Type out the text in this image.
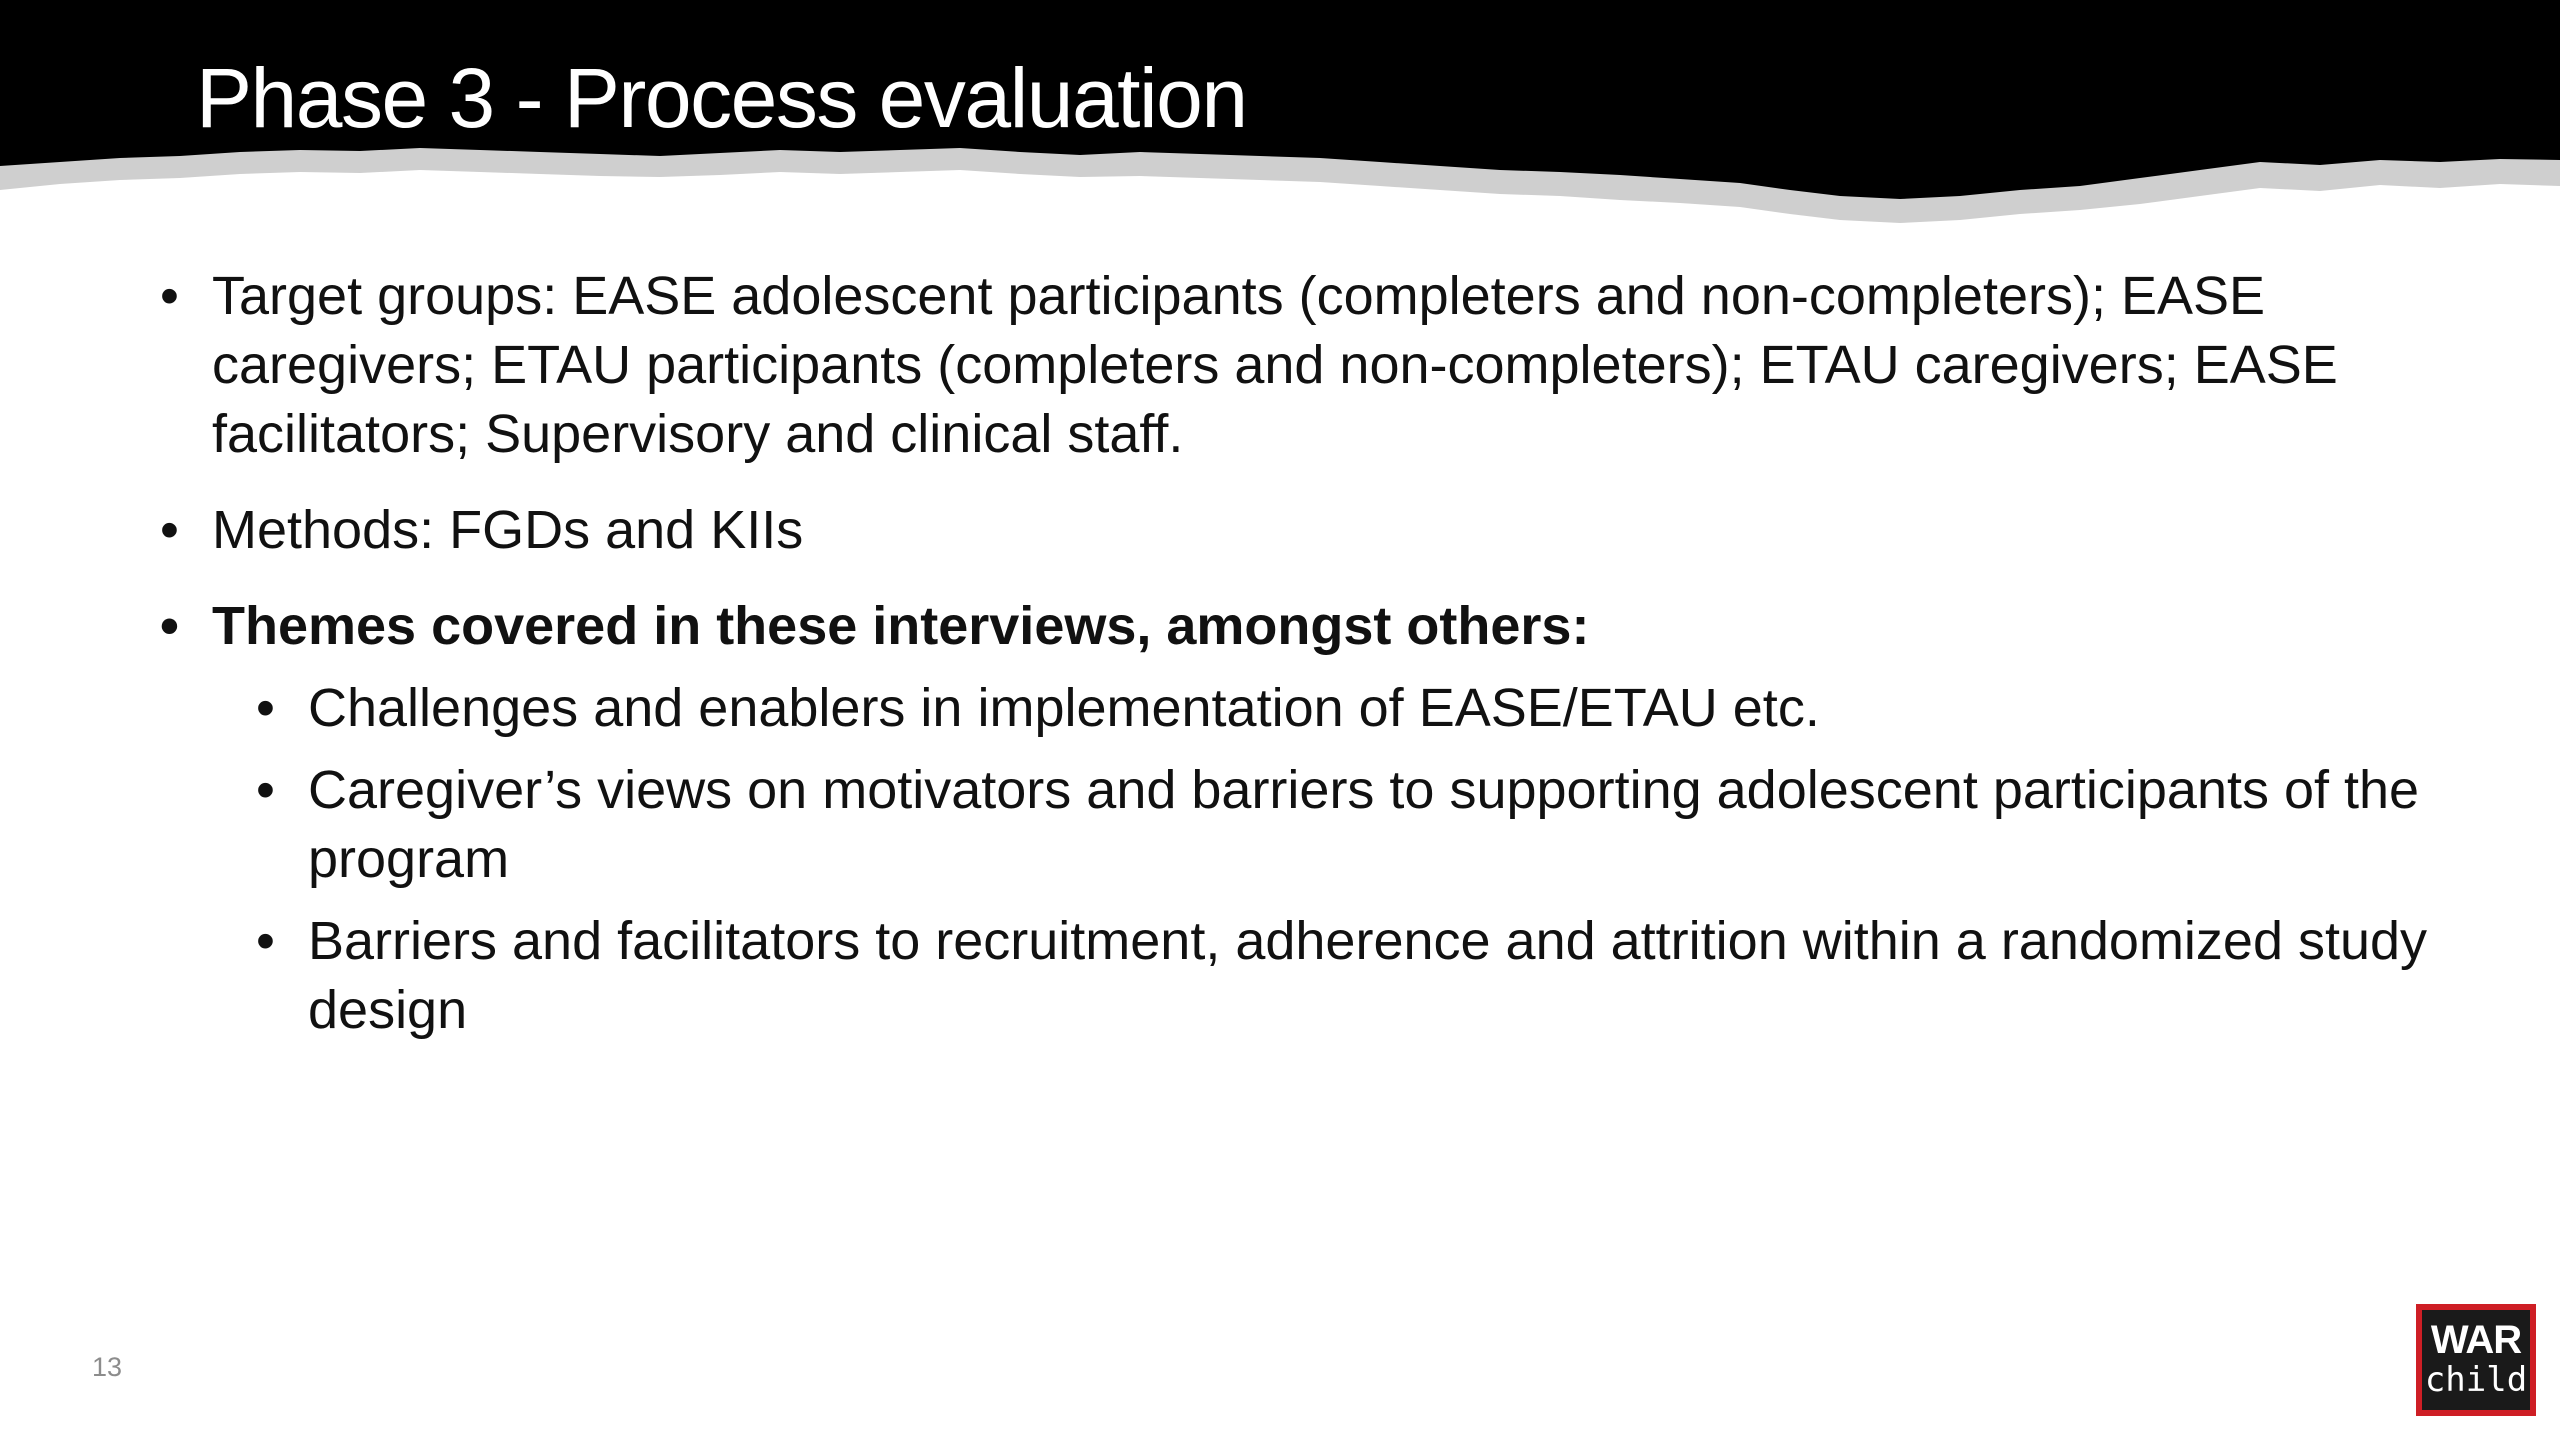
Phase 3 - Process evaluation
• Target groups: EASE adolescent participants (completers and non-completers); EASE caregivers; ETAU participants (completers and non-completers); ETAU caregivers; EASE facilitators; Supervisory and clinical staff.
• Methods: FGDs and KIIs
• Themes covered in these interviews, amongst others:
• Challenges and enablers in implementation of EASE/ETAU etc.
• Caregiver’s views on motivators and barriers to supporting adolescent participants of the program
• Barriers and facilitators to recruitment, adherence and attrition within a randomized study design
13
WAR
child
